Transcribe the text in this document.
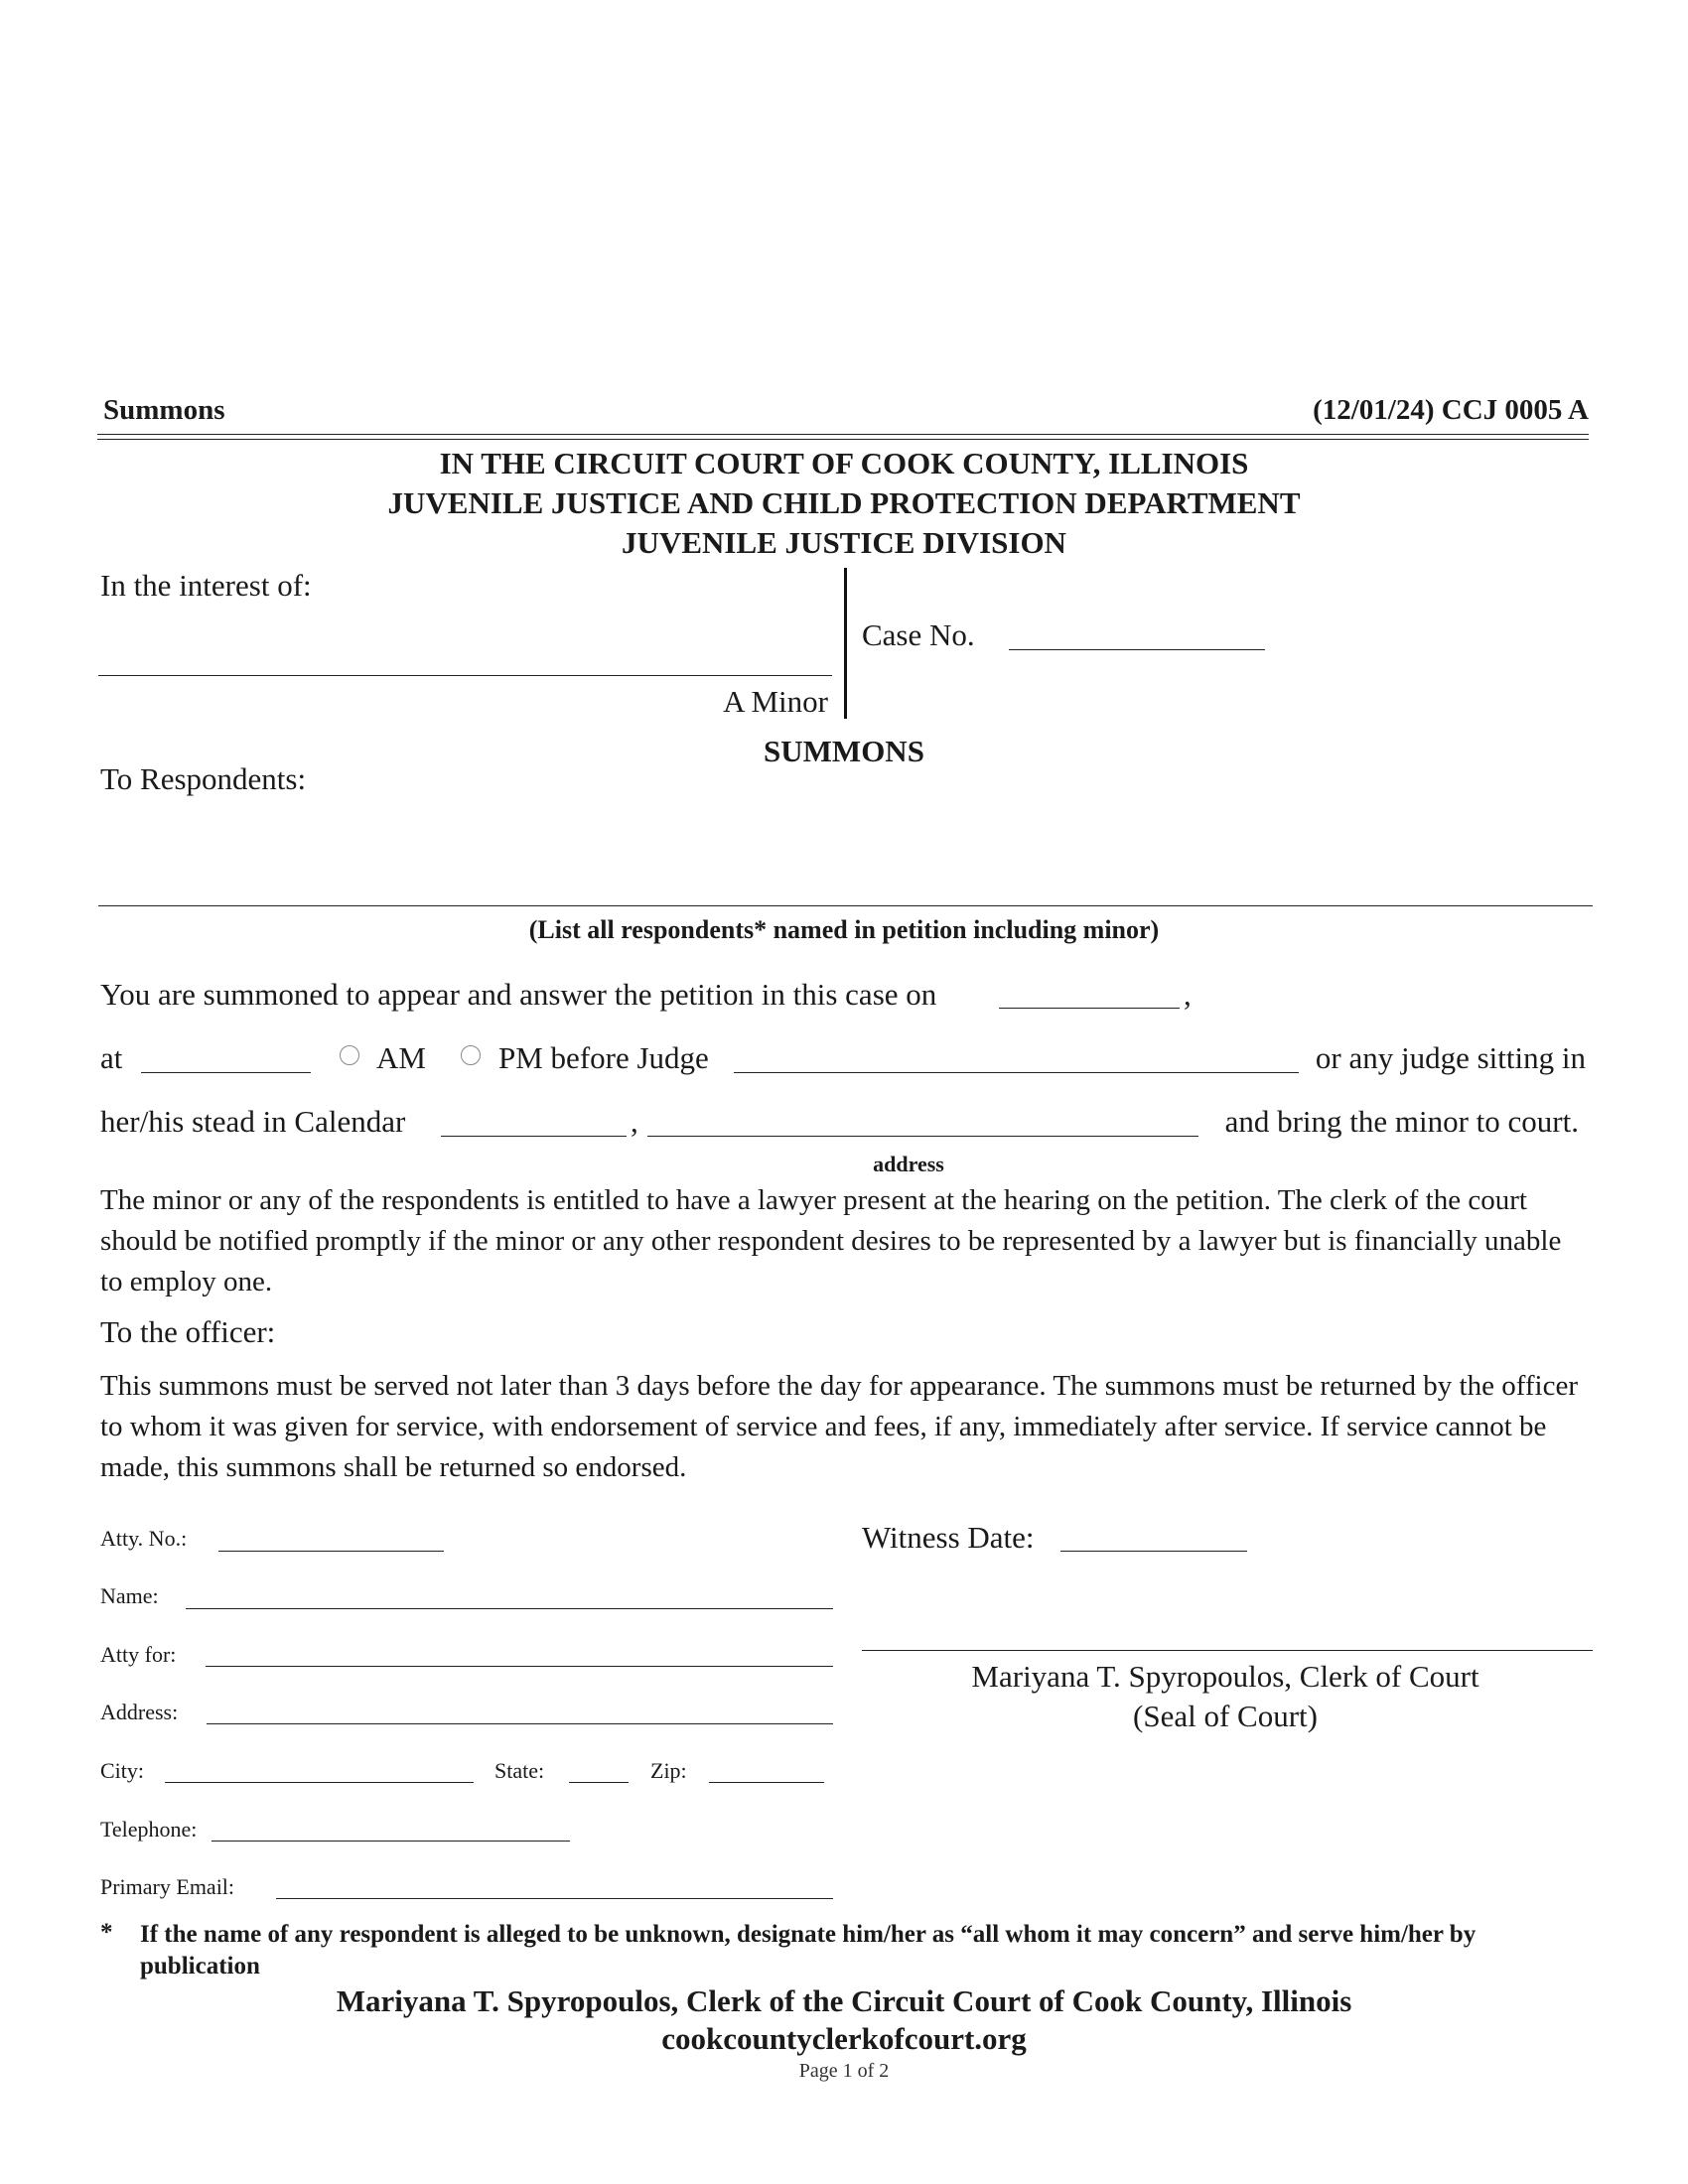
Summons	(12/01/24) CCJ 0005 A
IN THE CIRCUIT COURT OF COOK COUNTY, ILLINOIS
JUVENILE JUSTICE AND CHILD PROTECTION DEPARTMENT
JUVENILE JUSTICE DIVISION
In the interest of:
A Minor
Case No.
SUMMONS
To Respondents:
(List all respondents* named in petition including minor)
You are summoned to appear and answer the petition in this case on	,
at	AM PM before Judge	or any judge sitting in
her/his stead in Calendar	,	and bring the minor to court.
address
The minor or any of the respondents is entitled to have a lawyer present at the hearing on the petition. The clerk of the court should be notified promptly if the minor or any other respondent desires to be represented by a lawyer but is financially unable to employ one.
To the officer:
This summons must be served not later than 3 days before the day for appearance. The summons must be returned by the officer to whom it was given for service, with endorsement of service and fees, if any, immediately after service. If service cannot be made, this summons shall be returned so endorsed.
Atty. No.:
Name:
Atty for:
Address:
City:	State:	Zip:
Telephone:
Primary Email:
Witness Date:
Mariyana T. Spyropoulos, Clerk of Court
(Seal of Court)
* If the name of any respondent is alleged to be unknown, designate him/her as “all whom it may concern” and serve him/her by publication
Mariyana T. Spyropoulos, Clerk of the Circuit Court of Cook County, Illinois
cookcountyclerkofcourt.org
Page 1 of 2
